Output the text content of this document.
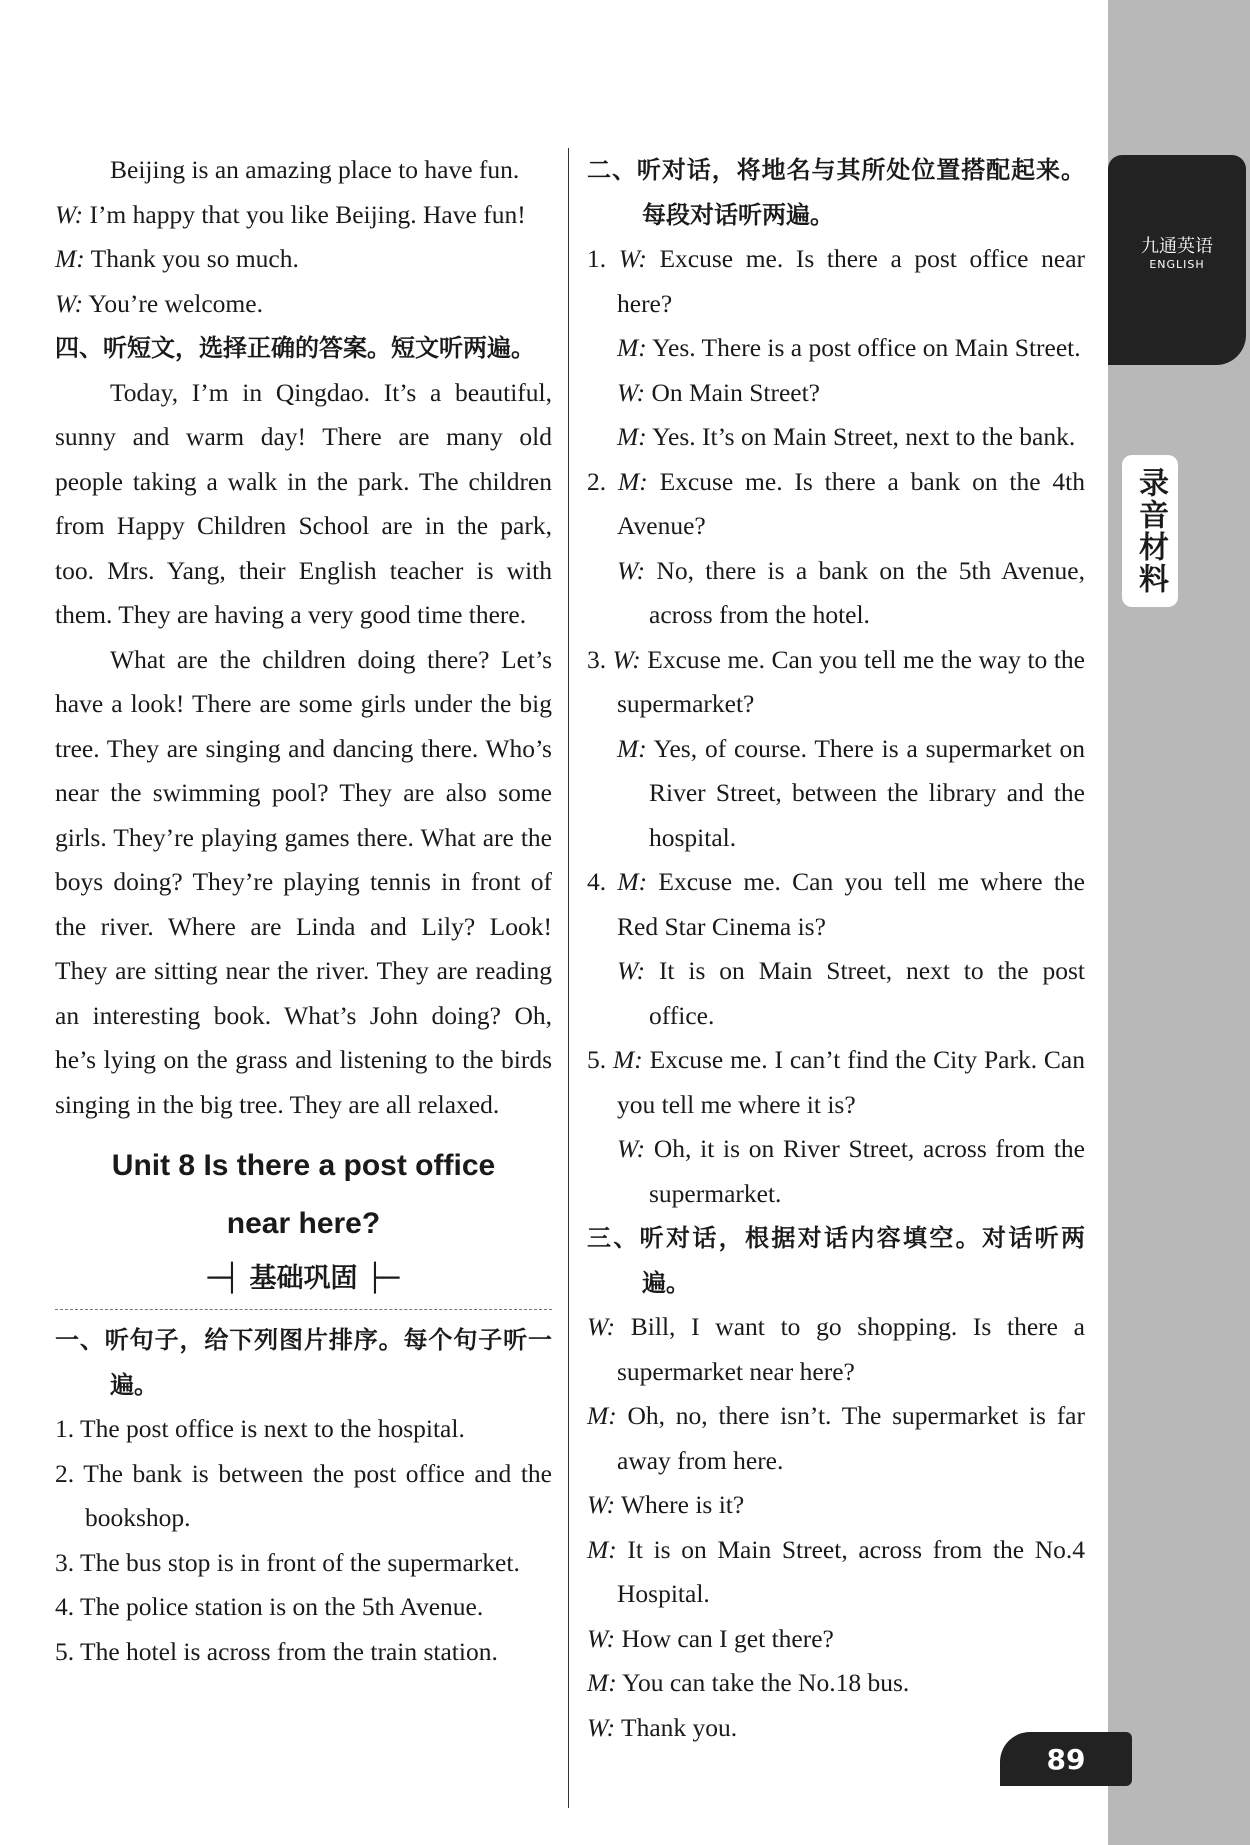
九通英语
ENGLISH
录音材料

Beijing is an amazing place to have fun.

W: I’m happy that you like Beijing. Have fun!

M: Thank you so much.

W: You’re welcome.

四、听短文，选择正确的答案。短文听两遍。

Today, I’m in Qingdao. It’s a beautiful, sunny and warm day! There are many old people taking a walk in the park. The children from Happy Children School are in the park, too. Mrs. Yang, their English teacher is with them. They are having a very good time there.

What are the children doing there? Let’s have a look! There are some girls under the big tree. They are singing and dancing there. Who’s near the swimming pool? They are also some girls. They’re playing games there. What are the boys doing? They’re playing tennis in front of the river. Where are Linda and Lily? Look! They are sitting near the river. They are reading an interesting book. What’s John doing? Oh, he’s lying on the grass and listening to the birds singing in the big tree. They are all relaxed.

Unit 8 Is there a post office
near here?
─┤ 基础巩固 ├─

一、听句子，给下列图片排序。每个句子听一遍。

1. The post office is next to the hospital.

2. The bank is between the post office and the bookshop.

3. The bus stop is in front of the supermarket.

4. The police station is on the 5th Avenue.

5. The hotel is across from the train station.

二、听对话，将地名与其所处位置搭配起来。每段对话听两遍。

1. W: Excuse me. Is there a post office near here?

M: Yes. There is a post office on Main Street.

W: On Main Street?

M: Yes. It’s on Main Street, next to the bank.

2. M: Excuse me. Is there a bank on the 4th Avenue?

W: No, there is a bank on the 5th Avenue, across from the hotel.

3. W: Excuse me. Can you tell me the way to the supermarket?

M: Yes, of course. There is a supermarket on River Street, between the library and the hospital.

4. M: Excuse me. Can you tell me where the Red Star Cinema is?

W: It is on Main Street, next to the post office.

5. M: Excuse me. I can’t find the City Park. Can you tell me where it is?

W: Oh, it is on River Street, across from the supermarket.

三、听对话，根据对话内容填空。对话听两遍。

W: Bill, I want to go shopping. Is there a supermarket near here?

M: Oh, no, there isn’t. The supermarket is far away from here.

W: Where is it?

M: It is on Main Street, across from the No.4 Hospital.

W: How can I get there?

M: You can take the No.18 bus.

W: Thank you.

89
